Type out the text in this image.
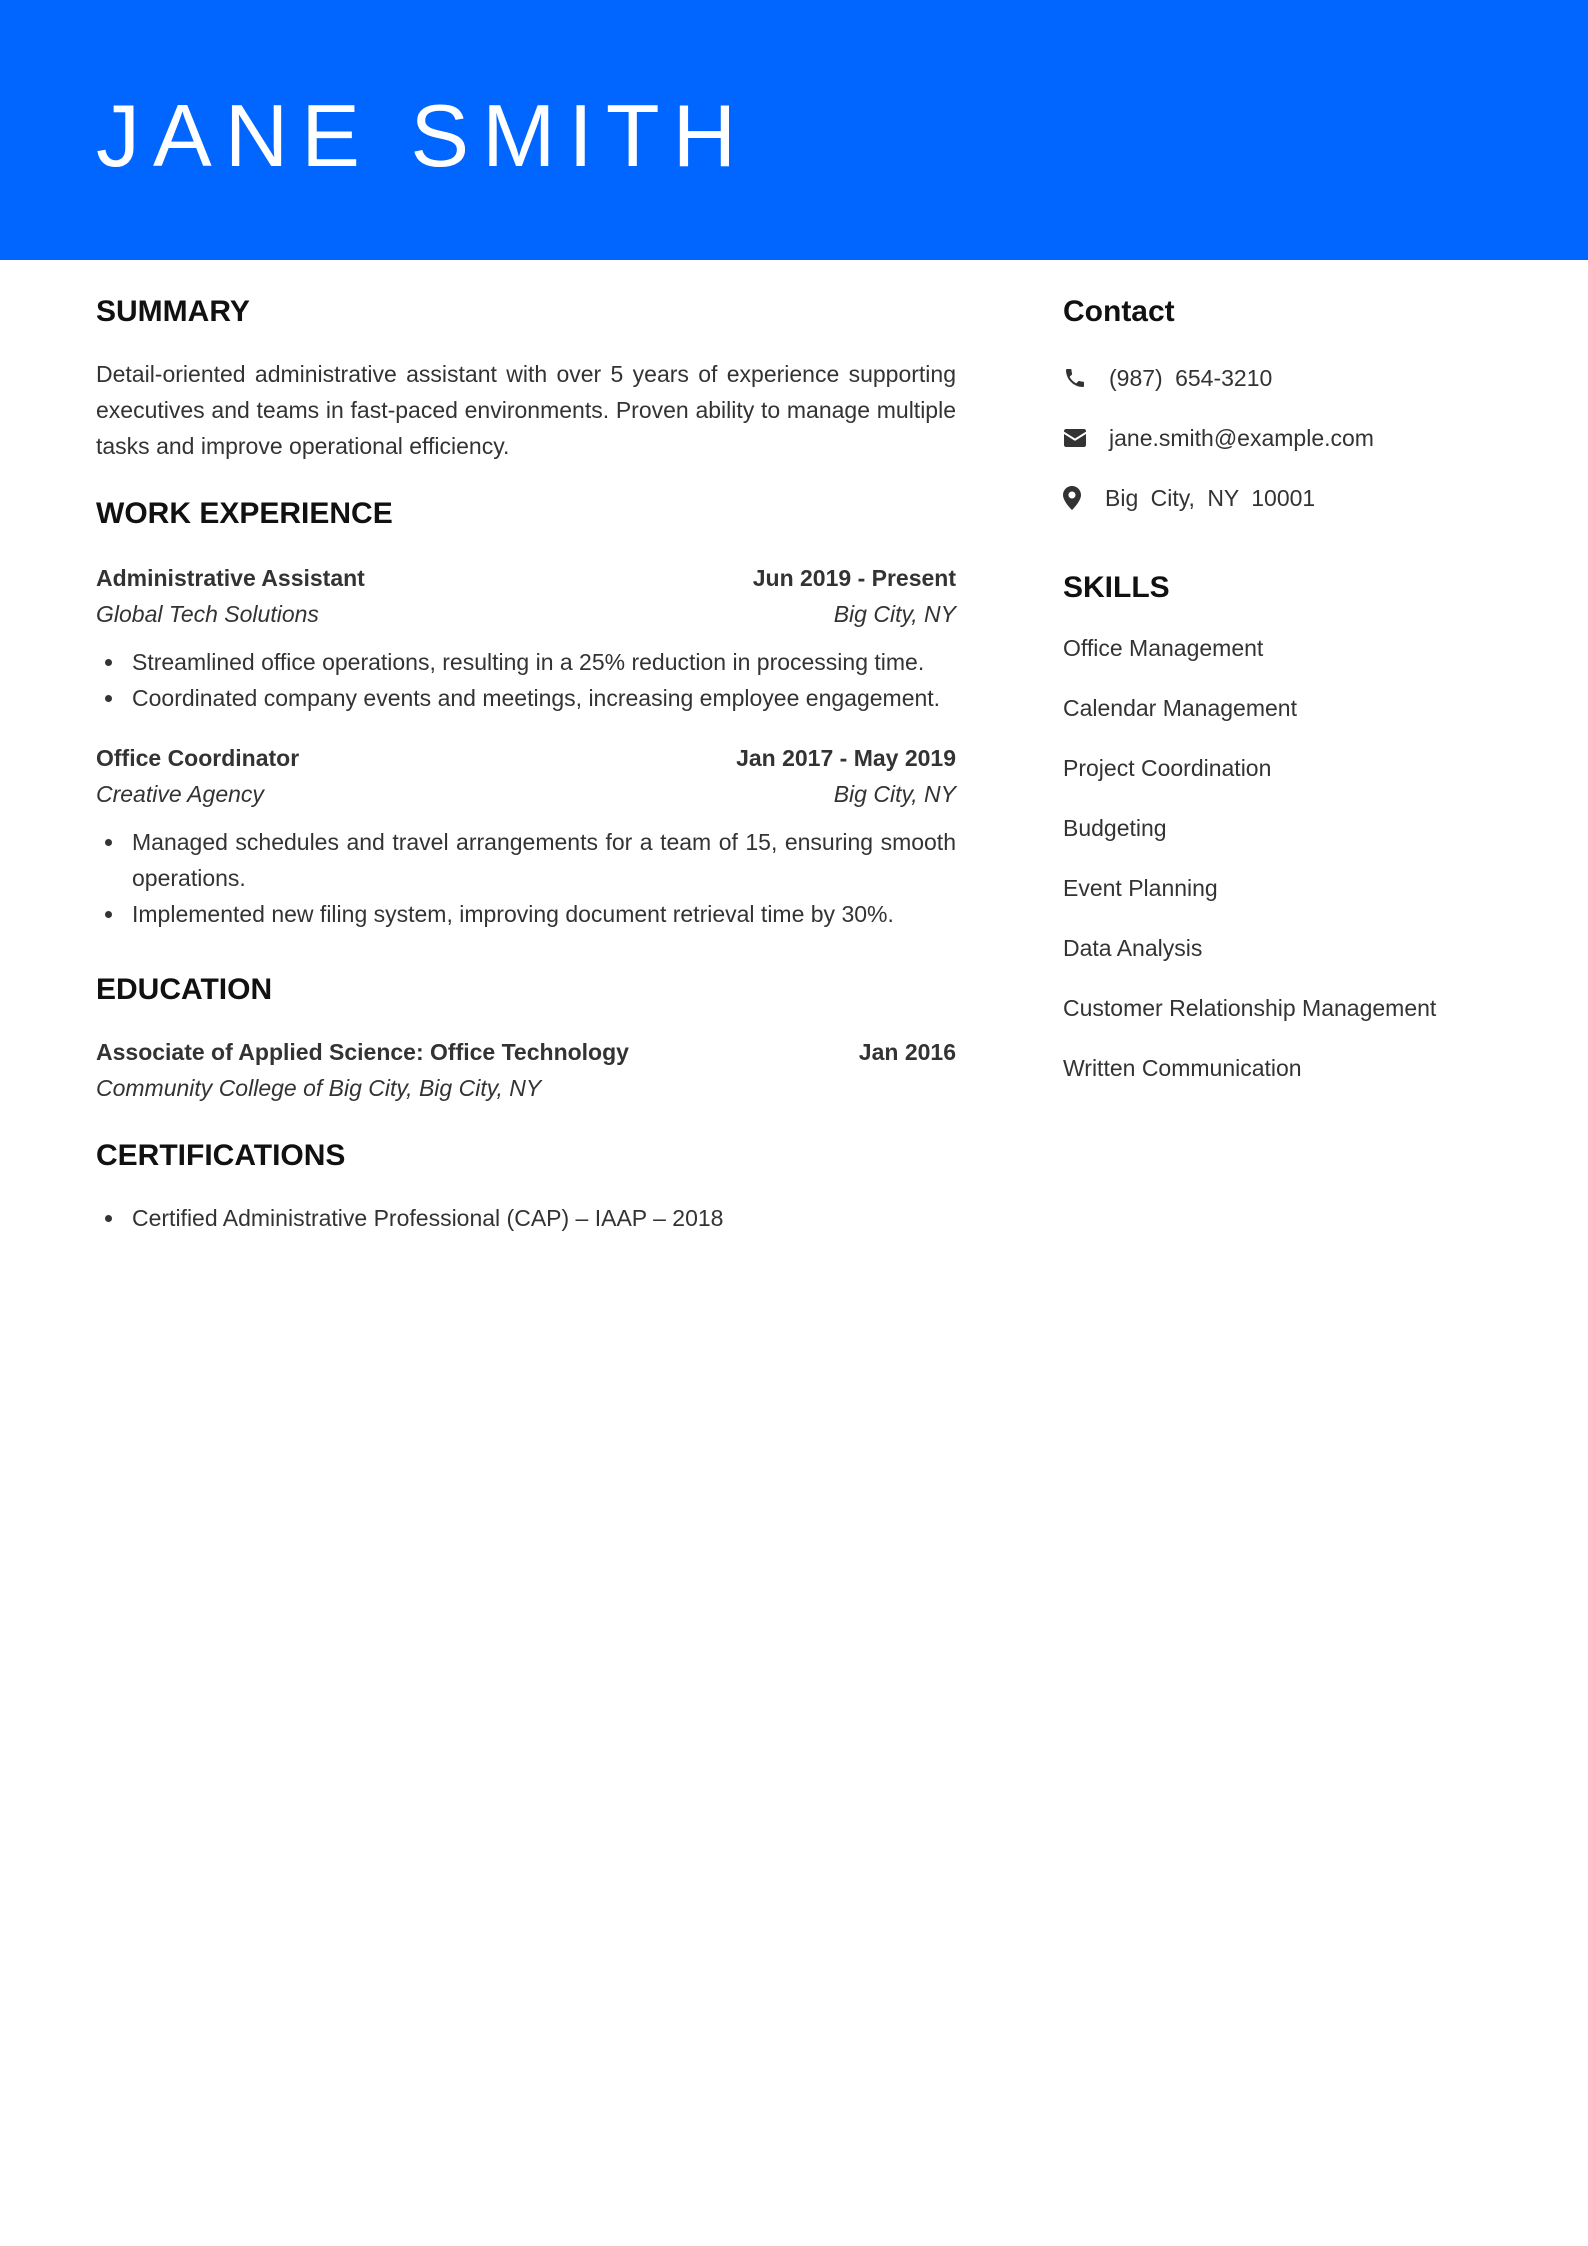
JANE SMITH
SUMMARY
Detail-oriented administrative assistant with over 5 years of experience supporting executives and teams in fast-paced environments. Proven ability to manage multiple tasks and improve operational efficiency.
WORK EXPERIENCE
Administrative Assistant	Jun 2019 - Present
Global Tech Solutions	Big City, NY
Streamlined office operations, resulting in a 25% reduction in processing time.
Coordinated company events and meetings, increasing employee engagement.
Office Coordinator	Jan 2017 - May 2019
Creative Agency	Big City, NY
Managed schedules and travel arrangements for a team of 15, ensuring smooth operations.
Implemented new filing system, improving document retrieval time by 30%.
EDUCATION
Associate of Applied Science: Office Technology	Jan 2016
Community College of Big City, Big City, NY
CERTIFICATIONS
Certified Administrative Professional (CAP) – IAAP – 2018
Contact
(987) 654-3210
jane.smith@example.com
Big City, NY 10001
SKILLS
Office Management
Calendar Management
Project Coordination
Budgeting
Event Planning
Data Analysis
Customer Relationship Management
Written Communication
